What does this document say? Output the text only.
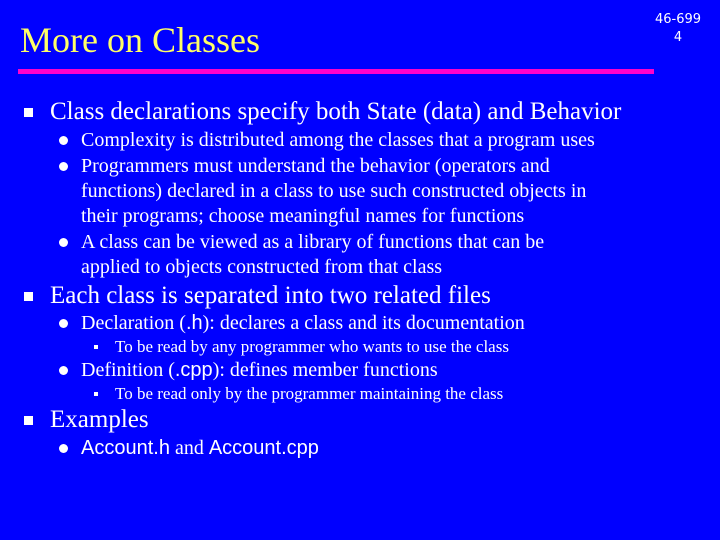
More on Classes
46-699
4
Class declarations specify both State (data) and Behavior
Complexity is distributed among the classes that a program uses
Programmers must understand the behavior (operators and
functions) declared in a class to use such constructed objects in
their programs; choose meaningful names for functions
A class can be viewed as a library of functions that can be
applied to objects constructed from that class
Each class is separated into two related files
Declaration (.h): declares a class and its documentation
To be read by any programmer who wants to use the class
Definition (.cpp): defines member functions
To be read only by the programmer maintaining the class
Examples
Account.h and Account.cpp
